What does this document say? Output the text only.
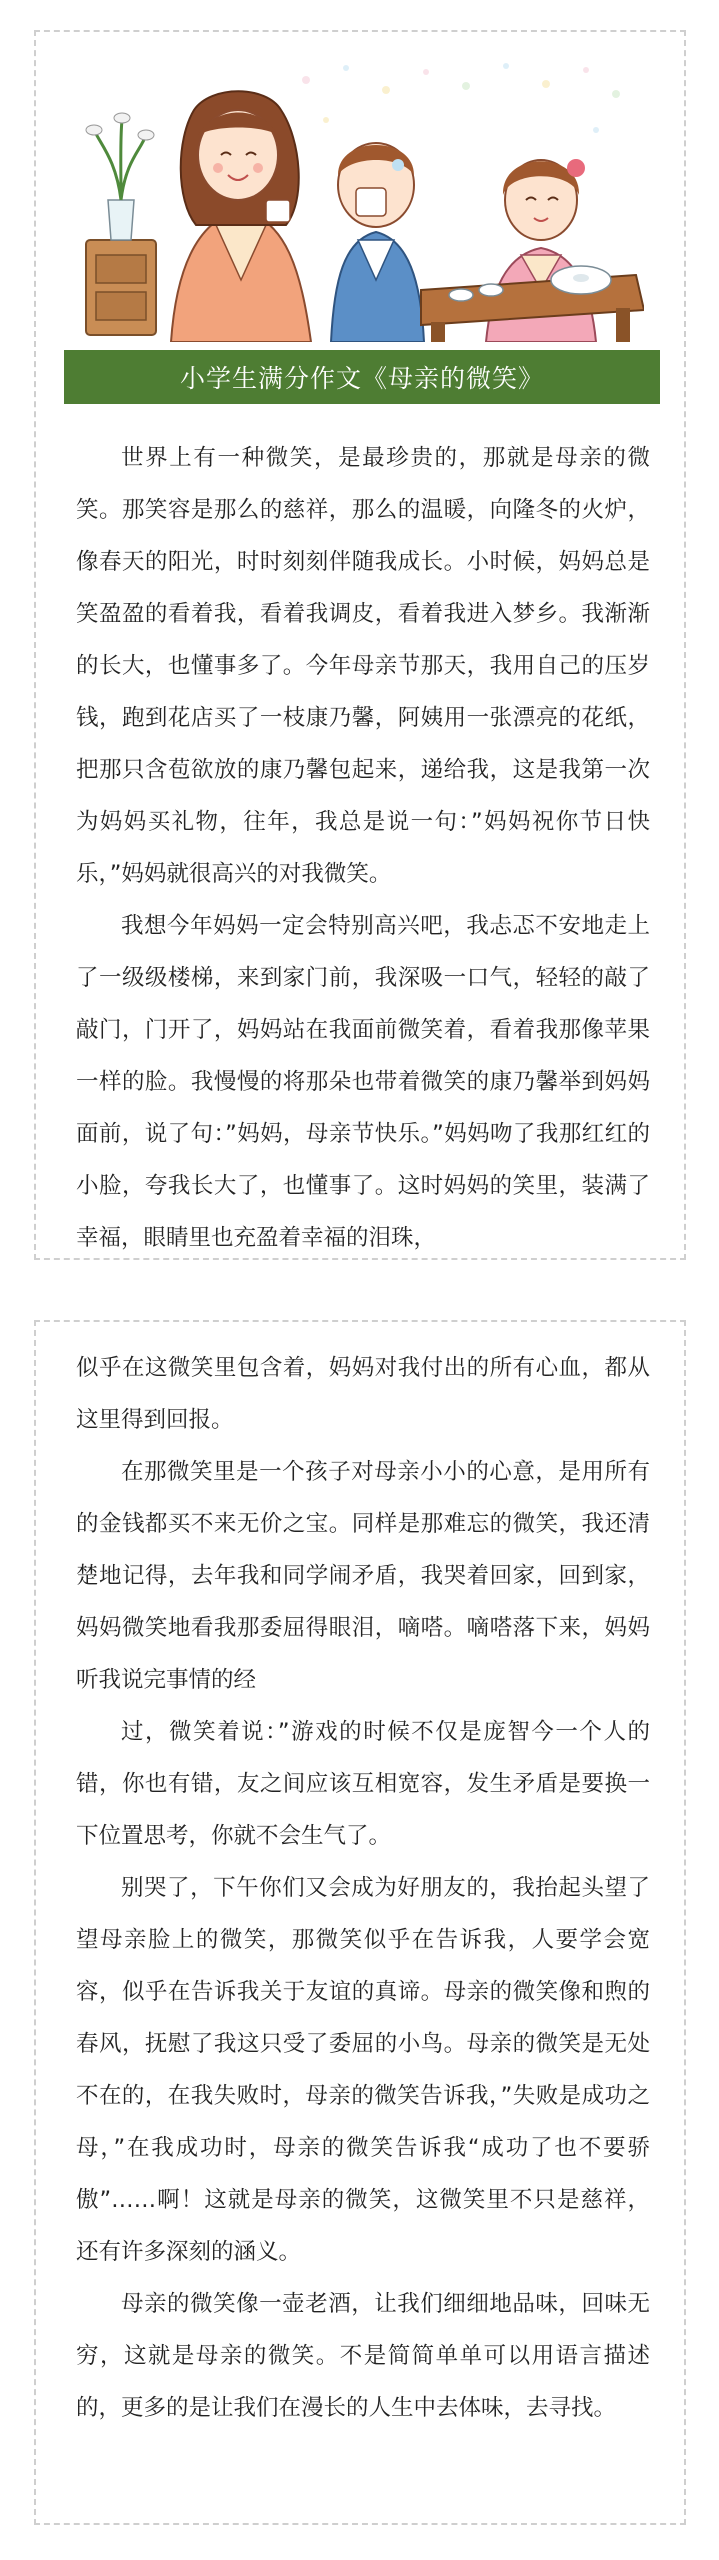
小学生满分作文《母亲的微笑》

世界上有一种微笑，是最珍贵的，那就是母亲的微笑。那笑容是那么的慈祥，那么的温暖，向隆冬的火炉，像春天的阳光，时时刻刻伴随我成长。小时候，妈妈总是笑盈盈的看着我，看着我调皮，看着我进入梦乡。我渐渐的长大，也懂事多了。今年母亲节那天，我用自己的压岁钱，跑到花店买了一枝康乃馨，阿姨用一张漂亮的花纸，把那只含苞欲放的康乃馨包起来，递给我，这是我第一次为妈妈买礼物，往年，我总是说一句：”妈妈祝你节日快乐，”妈妈就很高兴的对我微笑。

我想今年妈妈一定会特别高兴吧，我忐忑不安地走上了一级级楼梯，来到家门前，我深吸一口气，轻轻的敲了敲门，门开了，妈妈站在我面前微笑着，看着我那像苹果一样的脸。我慢慢的将那朵也带着微笑的康乃馨举到妈妈面前，说了句：”妈妈，母亲节快乐。”妈妈吻了我那红红的小脸，夸我长大了，也懂事了。这时妈妈的笑里，装满了幸福，眼睛里也充盈着幸福的泪珠，

似乎在这微笑里包含着，妈妈对我付出的所有心血，都从这里得到回报。

在那微笑里是一个孩子对母亲小小的心意，是用所有的金钱都买不来无价之宝。同样是那难忘的微笑，我还清楚地记得，去年我和同学闹矛盾，我哭着回家，回到家，妈妈微笑地看我那委屈得眼泪，嘀嗒。嘀嗒落下来，妈妈听我说完事情的经

过，微笑着说：”游戏的时候不仅是庞智今一个人的错，你也有错，友之间应该互相宽容，发生矛盾是要换一下位置思考，你就不会生气了。

别哭了，下午你们又会成为好朋友的，我抬起头望了望母亲脸上的微笑，那微笑似乎在告诉我，人要学会宽容，似乎在告诉我关于友谊的真谛。母亲的微笑像和煦的春风，抚慰了我这只受了委屈的小鸟。母亲的微笑是无处不在的，在我失败时，母亲的微笑告诉我，”失败是成功之母，”在我成功时，母亲的微笑告诉我“成功了也不要骄傲”……啊！这就是母亲的微笑，这微笑里不只是慈祥，还有许多深刻的涵义。

母亲的微笑像一壶老酒，让我们细细地品味，回味无穷，这就是母亲的微笑。不是简简单单可以用语言描述的，更多的是让我们在漫长的人生中去体味，去寻找。
